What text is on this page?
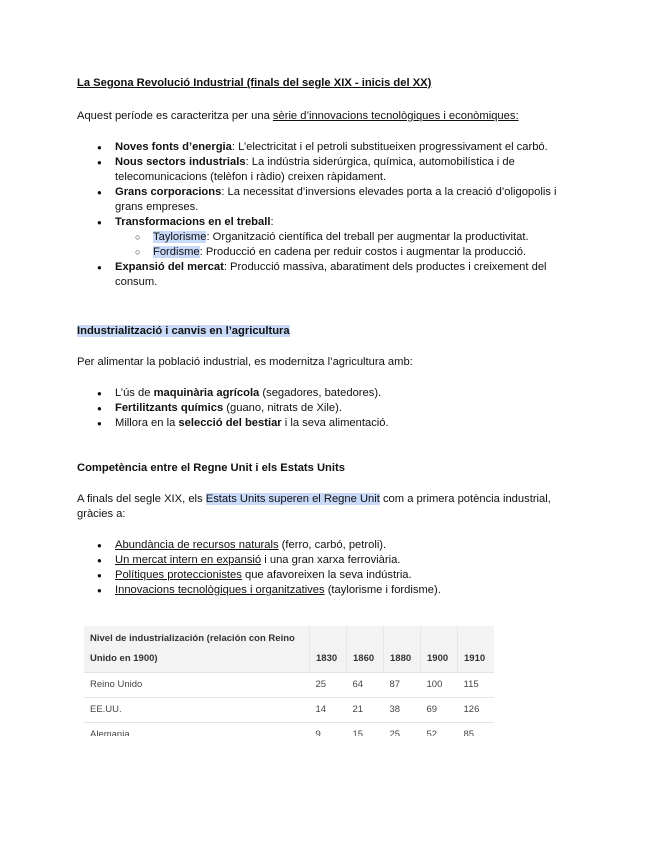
La Segona Revolució Industrial (finals del segle XIX - inicis del XX)

Aquest període es caracteritza per una sèrie d’innovacions tecnològiques i econòmiques:

● Noves fonts d’energia: L’electricitat i el petroli substitueixen progressivament el carbó.
● Nous sectors industrials: La indústria siderúrgica, química, automobilística i de telecomunicacions (telèfon i ràdio) creixen ràpidament.
● Grans corporacions: La necessitat d’inversions elevades porta a la creació d’oligopolis i grans empreses.
● Transformacions en el treball:
○ Taylorisme: Organització científica del treball per augmentar la productivitat.
○ Fordisme: Producció en cadena per reduir costos i augmentar la producció.
● Expansió del mercat: Producció massiva, abaratiment dels productes i creixement del consum.

Industrialització i canvis en l’agricultura

Per alimentar la població industrial, es modernitza l’agricultura amb:

● L’ús de maquinària agrícola (segadores, batedores).
● Fertilitzants químics (guano, nitrats de Xile).
● Millora en la selecció del bestiar i la seva alimentació.

Competència entre el Regne Unit i els Estats Units

A finals del segle XIX, els Estats Units superen el Regne Unit com a primera potència industrial, gràcies a:

● Abundància de recursos naturals (ferro, carbó, petroli).
● Un mercat intern en expansió i una gran xarxa ferroviària.
● Polítiques proteccionistes que afavoreixen la seva indústria.
● Innovacions tecnològiques i organitzatives (taylorisme i fordisme).
Nivel de industrialización (relación con Reino Unido en 1900)	1830	1860	1880	1900	1910
Reino Unido	25	64	87	100	115
EE.UU.	14	21	38	69	126
Alemania	9	15	25	52	85
